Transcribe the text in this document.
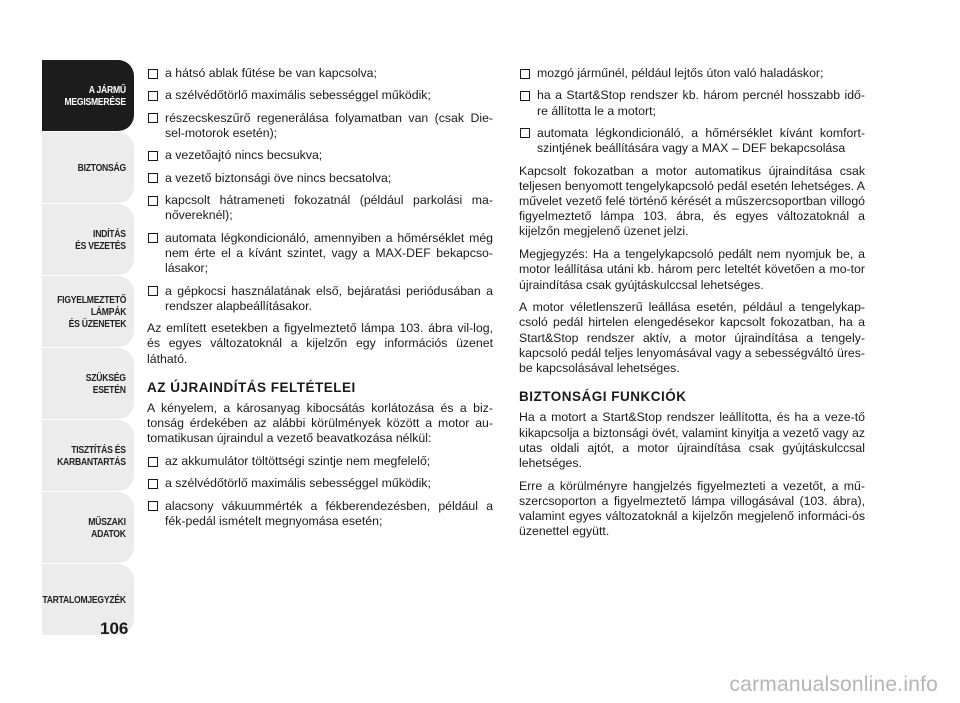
A JÁRMŰ
MEGISMERÉSE
BIZTONSÁG
INDÍTÁS
ÉS VEZETÉS
FIGYELMEZTETŐ
LÁMPÁK
ÉS ÜZENETEK
SZÜKSÉG
ESETÉN
TISZTÍTÁS ÉS
KARBANTARTÁS
MŰSZAKI
ADATOK
TARTALOMJEGYZÉK
106
a hátsó ablak fűtése be van kapcsolva;
a szélvédőtörlő maximális sebességgel működik;
részecskeszűrő regenerálása folyamatban van (csak Die-sel-motorok esetén);
a vezetőajtó nincs becsukva;
a vezető biztonsági öve nincs becsatolva;
kapcsolt hátrameneti fokozatnál (például parkolási ma-nővereknél);
automata légkondicionáló, amennyiben a hőmérséklet még nem érte el a kívánt szintet, vagy a MAX-DEF bekapcso-lásakor;
a gépkocsi használatának első, bejáratási periódusában a rendszer alapbeállításakor.

Az említett esetekben a figyelmeztető lámpa 103. ábra vil-log, és egyes változatoknál a kijelzőn egy információs üzenet látható.

AZ ÚJRAINDÍTÁS FELTÉTELEI

A kényelem, a károsanyag kibocsátás korlátozása és a biz-tonság érdekében az alábbi körülmények között a motor au-tomatikusan újraindul a vezető beavatkozása nélkül:

az akkumulátor töltöttségi szintje nem megfelelő;
a szélvédőtörlő maximális sebességgel működik;
alacsony vákuummérték a fékberendezésben, például a fék-pedál ismételt megnyomása esetén;
mozgó járműnél, például lejtős úton való haladáskor;
ha a Start&Stop rendszer kb. három percnél hosszabb idő-re állította le a motort;
automata légkondicionáló, a hőmérséklet kívánt komfort-szintjének beállítására vagy a MAX – DEF bekapcsolása

Kapcsolt fokozatban a motor automatikus újraindítása csak teljesen benyomott tengelykapcsoló pedál esetén lehetséges. A művelet vezető felé történő kérését a műszercsoportban villogó figyelmeztető lámpa 103. ábra, és egyes változatoknál a kijelzőn megjelenő üzenet jelzi.

Megjegyzés: Ha a tengelykapcsoló pedált nem nyomjuk be, a motor leállítása utáni kb. három perc leteltét követően a mo-tor újraindítása csak gyújtáskulccsal lehetséges.

A motor véletlenszerű leállása esetén, például a tengelykap-csoló pedál hirtelen elengedésekor kapcsolt fokozatban, ha a Start&Stop rendszer aktív, a motor újraindítása a tengely-kapcsoló pedál teljes lenyomásával vagy a sebességváltó üres-be kapcsolásával lehetséges.

BIZTONSÁGI FUNKCIÓK

Ha a motort a Start&Stop rendszer leállította, és ha a veze-tő kikapcsolja a biztonsági övét, valamint kinyitja a vezető vagy az utas oldali ajtót, a motor újraindítása csak gyújtáskulccsal lehetséges.

Erre a körülményre hangjelzés figyelmezteti a vezetőt, a mű-szercsoporton a figyelmeztető lámpa villogásával (103. ábra), valamint egyes változatoknál a kijelzőn megjelenő informáci-ós üzenettel együtt.

carmanualsonline.info
